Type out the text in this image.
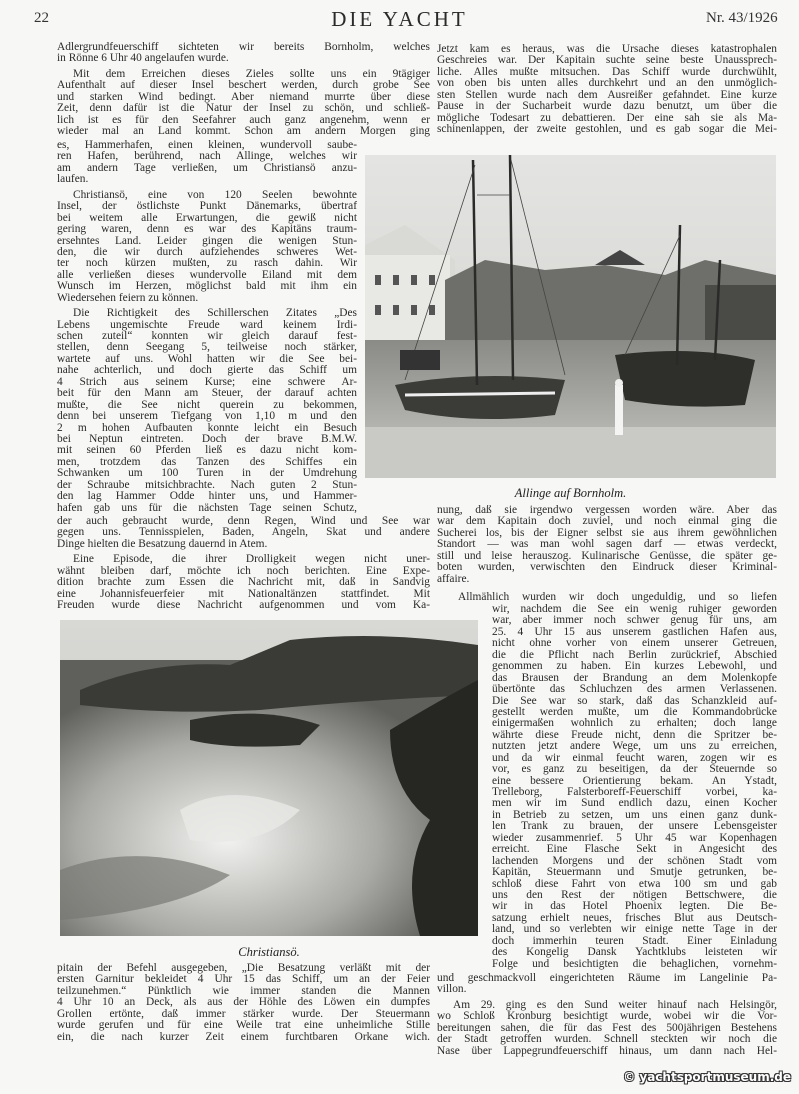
22	DIE YACHT	Nr. 43/1926
Adlergrundfeuerschiff sichteten wir bereits Bornholm, welches
in Rönne 6 Uhr 40 angelaufen wurde.
Mit dem Erreichen dieses Zieles sollte uns ein 9tägiger
Aufenthalt auf dieser Insel beschert werden, durch grobe See
und starken Wind bedingt. Aber niemand murrte über diese
Zeit, denn dafür ist die Natur der Insel zu schön, und schließ-
lich ist es für den Seefahrer auch ganz angenehm, wenn er
wieder mal an Land kommt. Schon am andern Morgen ging
es, Hammerhafen, einen kleinen, wundervoll saube-
ren Hafen, berührend, nach Allinge, welches wir
am andern Tage verließen, um Christiansö anzu-
laufen.
Christiansö, eine von 120 Seelen bewohnte
Insel, der östlichste Punkt Dänemarks, übertraf
bei weitem alle Erwartungen, die gewiß nicht
gering waren, denn es war des Kapitäns traum-
ersehntes Land. Leider gingen die wenigen Stun-
den, die wir durch aufziehendes schweres Wet-
ter noch kürzen mußten, zu rasch dahin. Wir
alle verließen dieses wundervolle Eiland mit dem
Wunsch im Herzen, möglichst bald mit ihm ein
Wiedersehen feiern zu können.
Die Richtigkeit des Schillerschen Zitates „Des
Lebens ungemischte Freude ward keinem Irdi-
schen zuteil“ konnten wir gleich darauf fest-
stellen, denn Seegang 5, teilweise noch stärker,
wartete auf uns. Wohl hatten wir die See bei-
nahe achterlich, und doch gierte das Schiff um
4 Strich aus seinem Kurse; eine schwere Ar-
beit für den Mann am Steuer, der darauf achten
mußte, die See nicht querein zu bekommen,
denn bei unserem Tiefgang von 1,10 m und den
2 m hohen Aufbauten konnte leicht ein Besuch
bei Neptun eintreten. Doch der brave B.M.W.
mit seinen 60 Pferden ließ es dazu nicht kom-
men, trotzdem das Tanzen des Schiffes ein
Schwanken um 100 Turen in der Umdrehung
der Schraube mitsichbrachte. Nach guten 2 Stun-
den lag Hammer Odde hinter uns, und Hammer-
hafen gab uns für die nächsten Tage seinen Schutz,
der auch gebraucht wurde, denn Regen, Wind und See war
gegen uns. Tennisspielen, Baden, Angeln, Skat und andere
Dinge hielten die Besatzung dauernd in Atem.
Eine Episode, die ihrer Drolligkeit wegen nicht uner-
wähnt bleiben darf, möchte ich noch berichten. Eine Expe-
dition brachte zum Essen die Nachricht mit, daß in Sandvig
eine Johannisfeuerfeier mit Nationaltänzen stattfindet. Mit
Freuden wurde diese Nachricht aufgenommen und vom Ka-
pitain der Befehl ausgegeben, „Die Besatzung verläßt mit der
ersten Garnitur bekleidet 4 Uhr 15 das Schiff, um an der Feier
teilzunehmen.“ Pünktlich wie immer standen die Mannen
4 Uhr 10 an Deck, als aus der Höhle des Löwen ein dumpfes
Grollen ertönte, daß immer stärker wurde. Der Steuermann
wurde gerufen und für eine Weile trat eine unheimliche Stille
ein, die nach kurzer Zeit einem furchtbaren Orkane wich.
Jetzt kam es heraus, was die Ursache dieses katastrophalen
Geschreies war. Der Kapitain suchte seine beste Unaussprech-
liche. Alles mußte mitsuchen. Das Schiff wurde durchwühlt,
von oben bis unten alles durchkehrt und an den unmöglich-
sten Stellen wurde nach dem Ausreißer gefahndet. Eine kurze
Pause in der Sucharbeit wurde dazu benutzt, um über die
mögliche Todesart zu debattieren. Der eine sah sie als Ma-
schinenlappen, der zweite gestohlen, und es gab sogar die Mei-
nung, daß sie irgendwo vergessen worden wäre. Aber das
war dem Kapitain doch zuviel, und noch einmal ging die
Sucherei los, bis der Eigner selbst sie aus ihrem gewöhnlichen
Standort — was man wohl sagen darf — etwas verdeckt,
still und leise herauszog. Kulinarische Genüsse, die später ge-
boten wurden, verwischten den Eindruck dieser Kriminal-
affaire.
Allmählich wurden wir doch ungeduldig, und so liefen
wir, nachdem die See ein wenig ruhiger geworden
war, aber immer noch schwer genug für uns, am
25. 4 Uhr 15 aus unserem gastlichen Hafen aus,
nicht ohne vorher von einem unserer Getreuen,
die die Pflicht nach Berlin zurückrief, Abschied
genommen zu haben. Ein kurzes Lebewohl, und
das Brausen der Brandung an dem Molenkopfe
übertönte das Schluchzen des armen Verlassenen.
Die See war so stark, daß das Schanzkleid auf-
gestellt werden mußte, um die Kommandobrücke
einigermaßen wohnlich zu erhalten; doch lange
währte diese Freude nicht, denn die Spritzer be-
nutzten jetzt andere Wege, um uns zu erreichen,
und da wir einmal feucht waren, zogen wir es
vor, es ganz zu beseitigen, da der Steuernde so
eine bessere Orientierung bekam. An Ystadt,
Trelleborg, Falsterboreff-Feuerschiff vorbei, ka-
men wir im Sund endlich dazu, einen Kocher
in Betrieb zu setzen, um uns einen ganz dunk-
len Trank zu brauen, der unsere Lebensgeister
wieder zusammenrief. 5 Uhr 45 war Kopenhagen
erreicht. Eine Flasche Sekt in Angesicht des
lachenden Morgens und der schönen Stadt vom
Kapitän, Steuermann und Smutje getrunken, be-
schloß diese Fahrt von etwa 100 sm und gab
uns den Rest der nötigen Bettschwere, die
wir in das Hotel Phoenix legten. Die Be-
satzung erhielt neues, frisches Blut aus Deutsch-
land, und so verlebten wir einige nette Tage in der
doch immerhin teuren Stadt. Einer Einladung
des Kongelig Dansk Yachtklubs leisteten wir
Folge und besichtigten die behaglichen, vornehm-
und geschmackvoll eingerichteten Räume im Langelinie Pa-
villon.
Am 29. ging es den Sund weiter hinauf nach Helsingör,
wo Schloß Kronburg besichtigt wurde, wobei wir die Vor-
bereitungen sahen, die für das Fest des 500jährigen Bestehens
der Stadt getroffen wurden. Schnell steckten wir noch die
Nase über Lappegrundfeuerschiff hinaus, um dann nach Hel-
Allinge auf Bornholm.
Christiansö.
© yachtsportmuseum.de
